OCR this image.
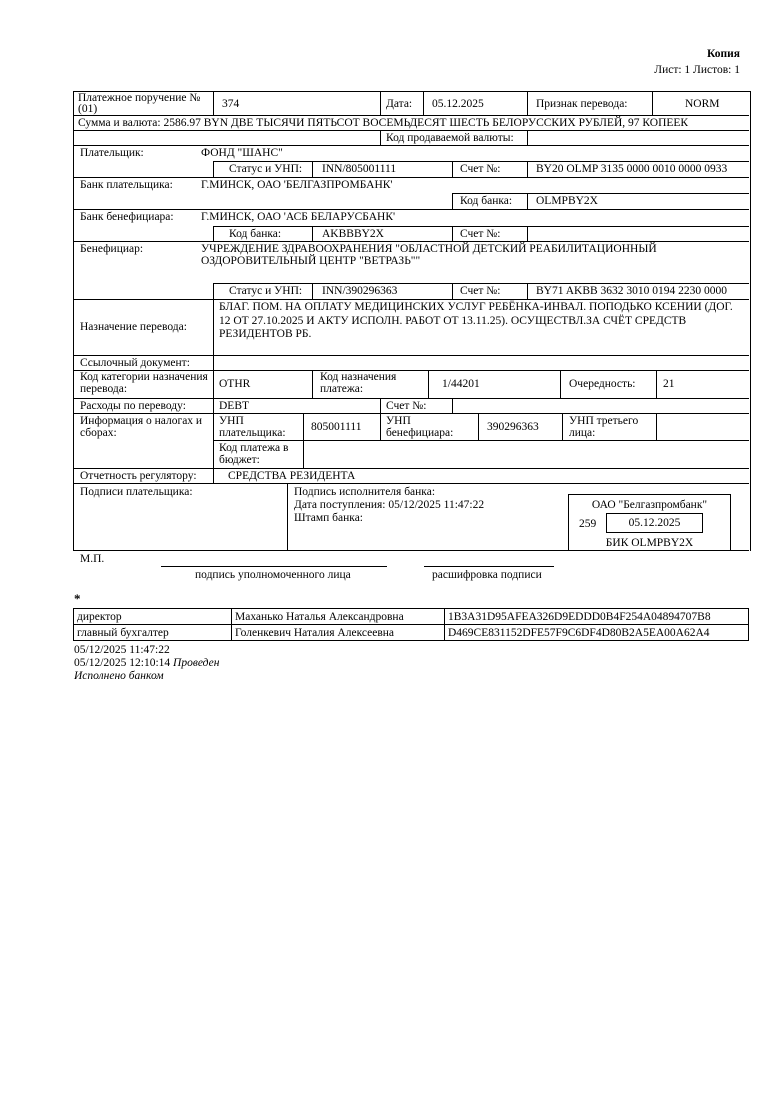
Копия
Лист: 1 Листов: 1
Платежное поручение № (01)	374	Дата: 05.12.2025	Признак перевода:	NORM
Сумма и валюта: 2586.97 BYN ДВЕ ТЫСЯЧИ ПЯТЬСОТ ВОСЕМЬДЕСЯТ ШЕСТЬ БЕЛОРУССКИХ РУБЛЕЙ, 97 КОПЕЕК
Код продаваемой валюты:
Плательщик:	ФОНД "ШАНС"
Статус и УНП: INN/805001111	Счет №:	BY20 OLMP 3135 0000 0010 0000 0933
Банк плательщика: Г.МИНСК, ОАО 'БЕЛГАЗПРОМБАНК'
Код банка: OLMPBY2X
Банк бенефициара: Г.МИНСК, ОАО 'АСБ БЕЛАРУСБАНК'
Код банка:	AKBBBY2X	Счет №:
Бенефициар:	УЧРЕЖДЕНИЕ ЗДРАВООХРАНЕНИЯ "ОБЛАСТНОЙ ДЕТСКИЙ РЕАБИЛИТАЦИОННЫЙ ОЗДОРОВИТЕЛЬНЫЙ ЦЕНТР "ВЕТРАЗЬ""
Статус и УНП: INN/390296363	Счет №:	BY71 AKBB 3632 3010 0194 2230 0000
Назначение перевода:
БЛАГ. ПОМ. НА ОПЛАТУ МЕДИЦИНСКИХ УСЛУГ РЕБЁНКА-ИНВАЛ. ПОПОДЬКО КСЕНИИ (ДОГ. 12 ОТ 27.10.2025 И АКТУ ИСПОЛН. РАБОТ ОТ 13.11.25). ОСУЩЕСТВЛ.ЗА СЧЁТ СРЕДСТВ РЕЗИДЕНТОВ РБ.
Ссылочный документ:
Код категории назначения перевода:	OTHR
Код назначения платежа:	1/44201	Очередность: 21
Расходы по переводу:	DEBT	Счет №:
Информация о налогах и сборах:
УНП плательщика:	805001111 УНП бенефициара:	390296363	УНП третьего лица:
Код платежа в бюджет:
Отчетность регулятору:	СРЕДСТВА РЕЗИДЕНТА
Подписи плательщика:	Подпись исполнителя банка:
Дата поступления: 05/12/2025 11:47:22
Штамп банка:
ОАО "Белгазпромбанк"
259	05.12.2025
БИК OLMPBY2X
М.П.
подпись уполномоченного лица	расшифровка подписи
*
директор	Маханько Наталья Александровна	1B3A31D95AFEA326D9EDDD0B4F254A04894707B8
главный бухгалтер	Голенкевич Наталия Алексеевна	D469CE831152DFE57F9C6DF4D80B2A5EA00A62A4
05/12/2025 11:47:22
05/12/2025 12:10:14 Проведен
Исполнено банком
